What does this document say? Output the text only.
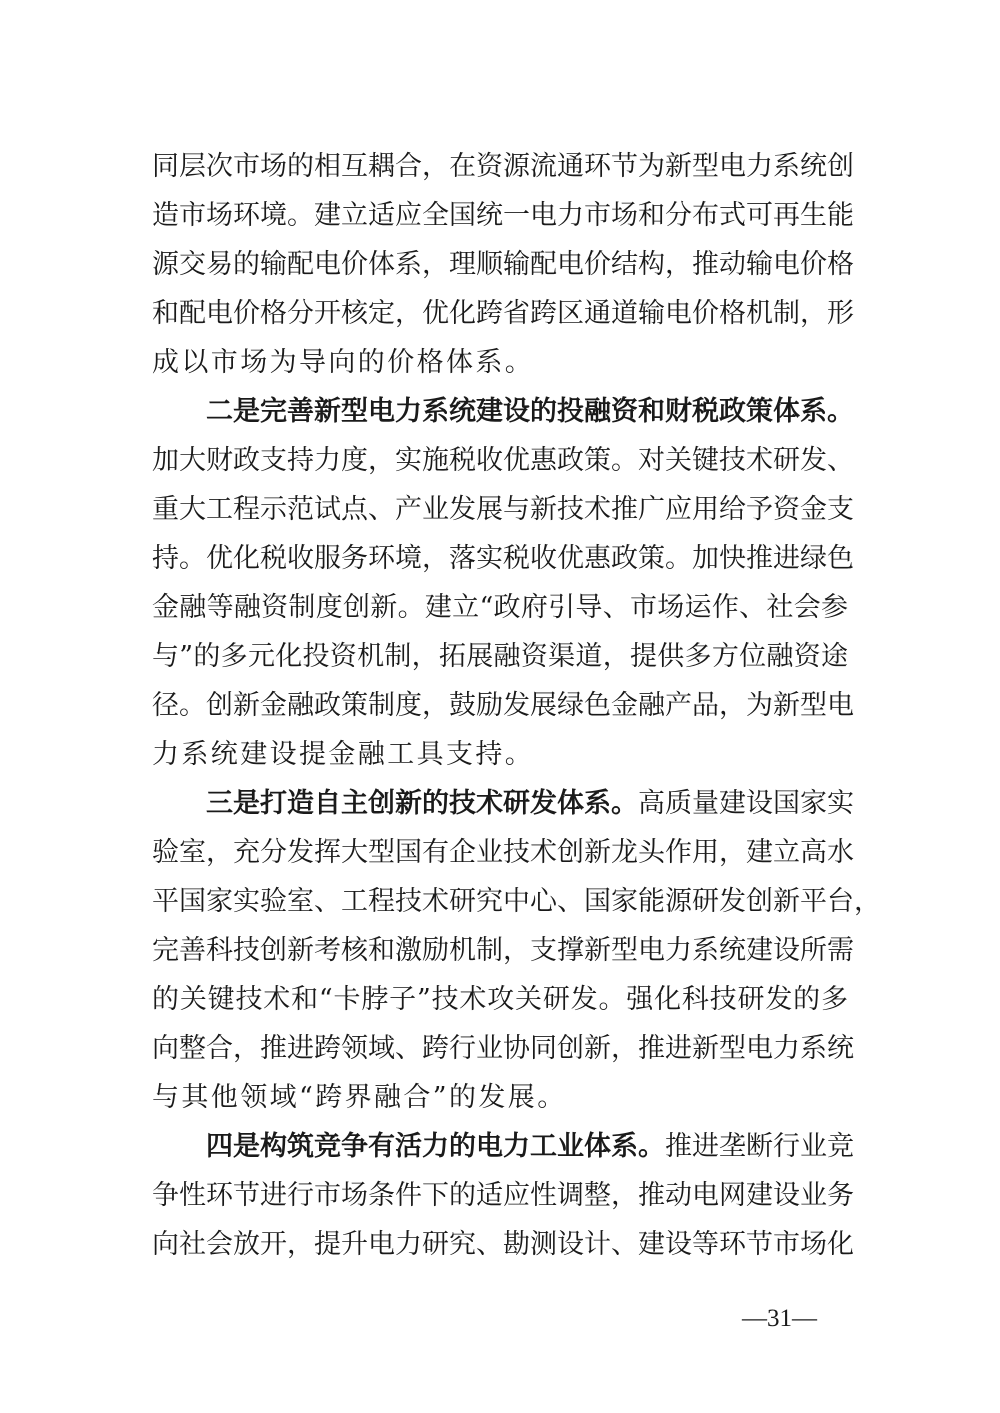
同层次市场的相互耦合，在资源流通环节为新型电力系统创
造市场环境。建立适应全国统一电力市场和分布式可再生能
源交易的输配电价体系，理顺输配电价结构，推动输电价格
和配电价格分开核定，优化跨省跨区通道输电价格机制，形
成以市场为导向的价格体系。
二是完善新型电力系统建设的投融资和财税政策体系。
加大财政支持力度，实施税收优惠政策。对关键技术研发、
重大工程示范试点、产业发展与新技术推广应用给予资金支
持。优化税收服务环境，落实税收优惠政策。加快推进绿色
金融等融资制度创新。建立“政府引导、市场运作、社会参
与”的多元化投资机制，拓展融资渠道，提供多方位融资途
径。创新金融政策制度，鼓励发展绿色金融产品，为新型电
力系统建设提金融工具支持。
三是打造自主创新的技术研发体系。高质量建设国家实
验室，充分发挥大型国有企业技术创新龙头作用，建立高水
平国家实验室、工程技术研究中心、国家能源研发创新平台，
完善科技创新考核和激励机制，支撑新型电力系统建设所需
的关键技术和“卡脖子”技术攻关研发。强化科技研发的多
向整合，推进跨领域、跨行业协同创新，推进新型电力系统
与其他领域“跨界融合”的发展。
四是构筑竞争有活力的电力工业体系。推进垄断行业竞
争性环节进行市场条件下的适应性调整，推动电网建设业务
向社会放开，提升电力研究、勘测设计、建设等环节市场化
—31—
